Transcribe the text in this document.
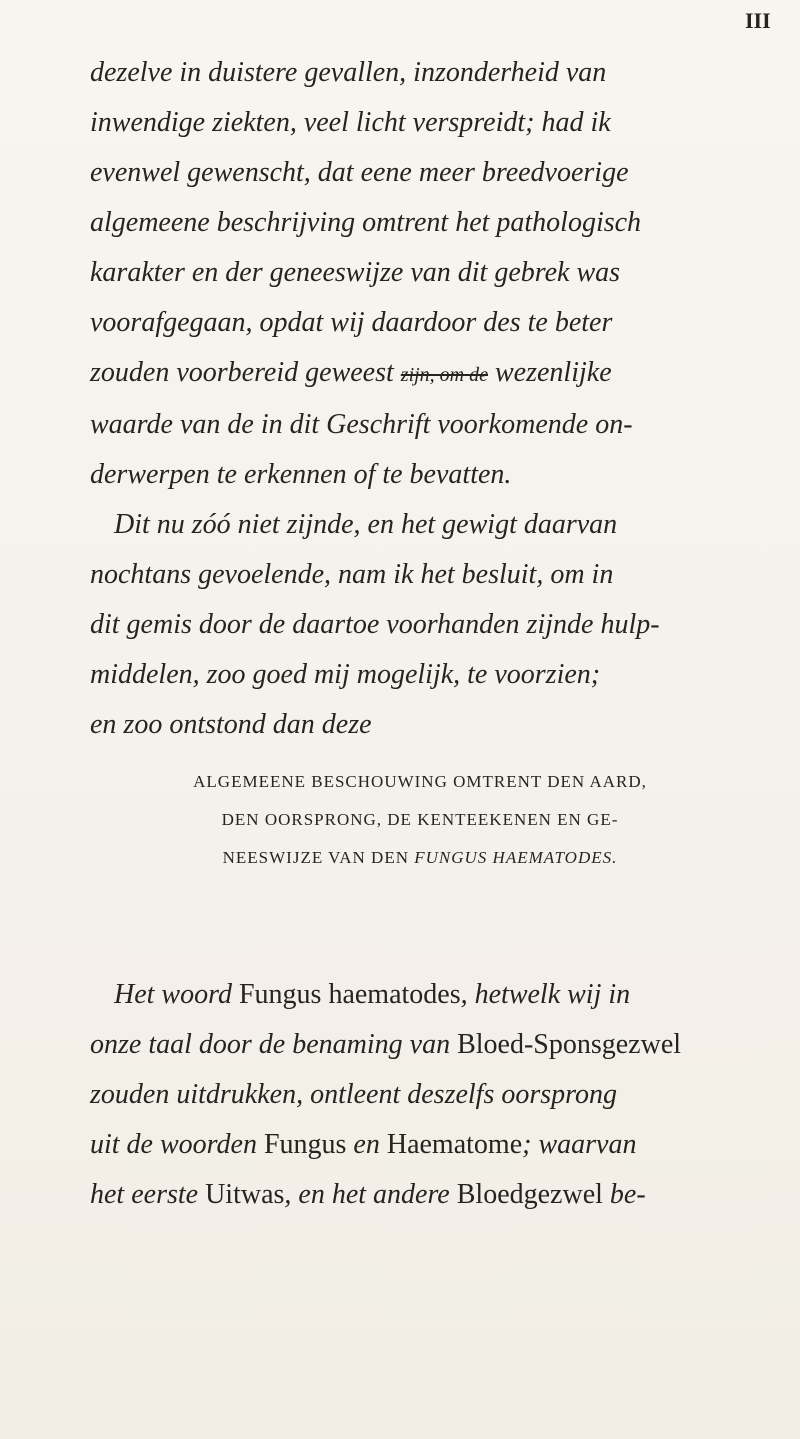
III
dezelve in duistere gevallen, inzonderheid van
inwendige ziekten, veel licht verspreidt; had ik
evenwel gewenscht, dat eene meer breedvoerige
algemeene beschrijving omtrent het pathologisch
karakter en der geneeswijze van dit gebrek was
voorafgegaan, opdat wij daardoor des te beter
zouden voorbereid geweest zijn, om de wezenlijke
waarde van de in dit Geschrift voorkomende on-
derwerpen te erkennen of te bevatten.
Dit nu zóó niet zijnde, en het gewigt daarvan
nochtans gevoelende, nam ik het besluit, om in
dit gemis door de daartoe voorhanden zijnde hulp-
middelen, zoo goed mij mogelijk, te voorzien;
en zoo ontstond dan deze
ALGEMEENE BESCHOUWING OMTRENT DEN AARD,
DEN OORSPRONG, DE KENTEEKENEN EN GE-
NEESWIJZE VAN DEN FUNGUS HAEMATODES.
Het woord Fungus haematodes, hetwelk wij in
onze taal door de benaming van Bloed-Sponsgezwel
zouden uitdrukken, ontleent deszelfs oorsprong
uit de woorden Fungus en Haematome; waarvan
het eerste Uitwas, en het andere Bloedgezwel be-
